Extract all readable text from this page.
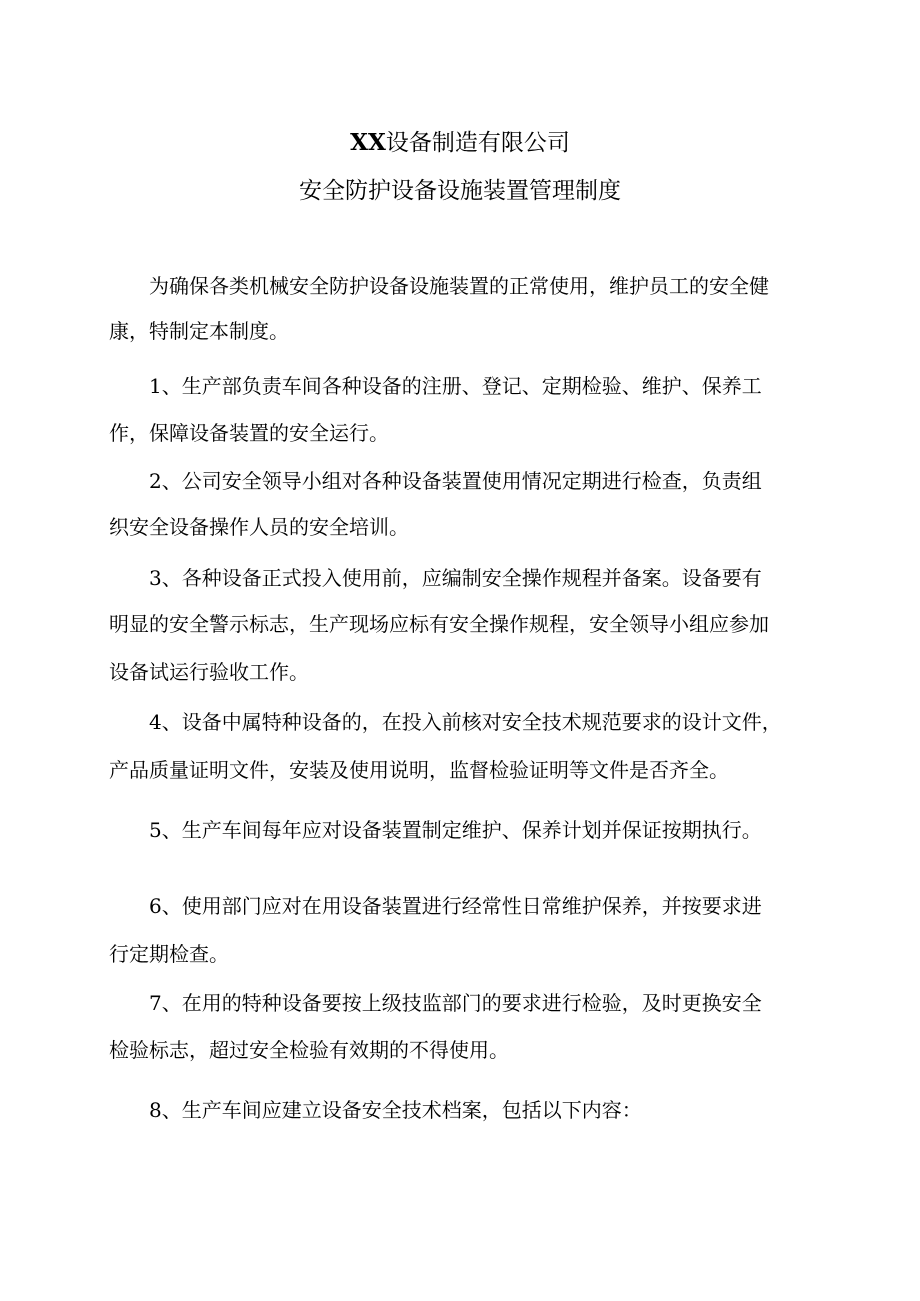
XX设备制造有限公司
安全防护设备设施装置管理制度
为确保各类机械安全防护设备设施装置的正常使用，维护员工的安全健
康，特制定本制度。
1、生产部负责车间各种设备的注册、登记、定期检验、维护、保养工
作，保障设备装置的安全运行。
2、公司安全领导小组对各种设备装置使用情况定期进行检查，负责组
织安全设备操作人员的安全培训。
3、各种设备正式投入使用前，应编制安全操作规程并备案。设备要有
明显的安全警示标志，生产现场应标有安全操作规程，安全领导小组应参加
设备试运行验收工作。
4、设备中属特种设备的，在投入前核对安全技术规范要求的设计文件，
产品质量证明文件，安装及使用说明，监督检验证明等文件是否齐全。
5、生产车间每年应对设备装置制定维护、保养计划并保证按期执行。
6、使用部门应对在用设备装置进行经常性日常维护保养，并按要求进
行定期检查。
7、在用的特种设备要按上级技监部门的要求进行检验，及时更换安全
检验标志，超过安全检验有效期的不得使用。
8、生产车间应建立设备安全技术档案，包括以下内容：
